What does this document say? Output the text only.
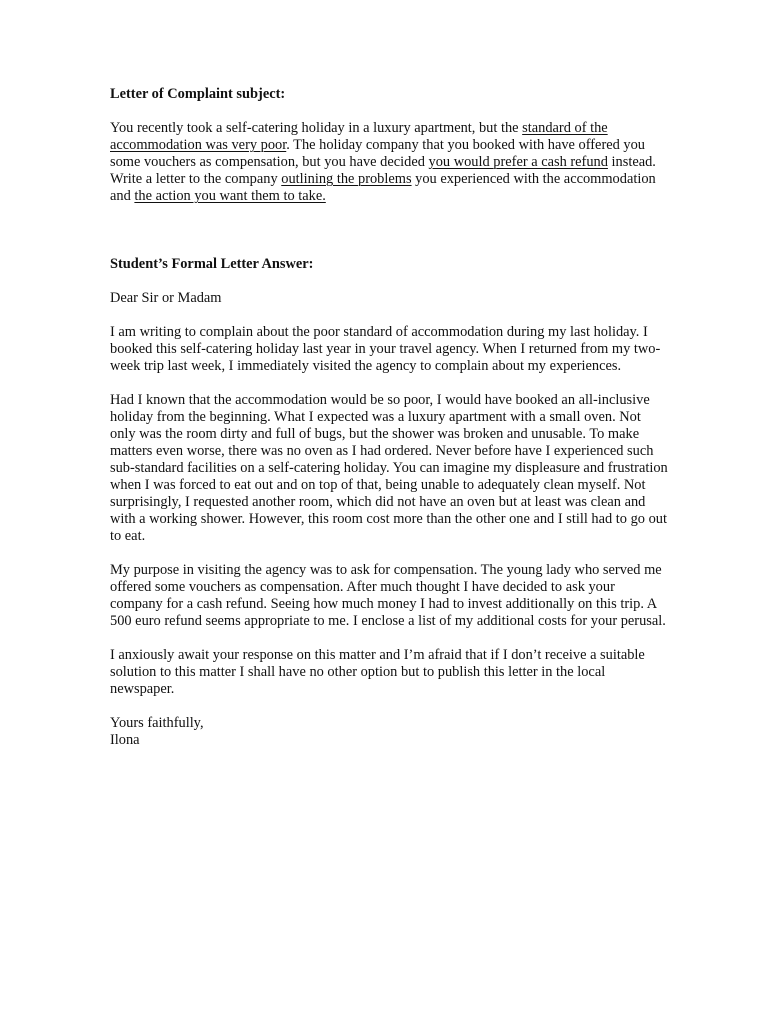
Letter of Complaint subject:

You recently took a self-catering holiday in a luxury apartment, but the standard of the accommodation was very poor. The holiday company that you booked with have offered you some vouchers as compensation, but you have decided you would prefer a cash refund instead. Write a letter to the company outlining the problems you experienced with the accommodation and the action you want them to take.

Student’s Formal Letter Answer:

Dear Sir or Madam

I am writing to complain about the poor standard of accommodation during my last holiday. I booked this self-catering holiday last year in your travel agency. When I returned from my two-week trip last week, I immediately visited the agency to complain about my experiences.

Had I known that the accommodation would be so poor, I would have booked an all-inclusive holiday from the beginning. What I expected was a luxury apartment with a small oven. Not only was the room dirty and full of bugs, but the shower was broken and unusable. To make matters even worse, there was no oven as I had ordered. Never before have I experienced such sub-standard facilities on a self-catering holiday. You can imagine my displeasure and frustration when I was forced to eat out and on top of that, being unable to adequately clean myself. Not surprisingly, I requested another room, which did not have an oven but at least was clean and with a working shower. However, this room cost more than the other one and I still had to go out to eat.

My purpose in visiting the agency was to ask for compensation. The young lady who served me offered some vouchers as compensation. After much thought I have decided to ask your company for a cash refund. Seeing how much money I had to invest additionally on this trip. A 500 euro refund seems appropriate to me. I enclose a list of my additional costs for your perusal.

I anxiously await your response on this matter and I’m afraid that if I don’t receive a suitable solution to this matter I shall have no other option but to publish this letter in the local newspaper.

Yours faithfully,

Ilona
